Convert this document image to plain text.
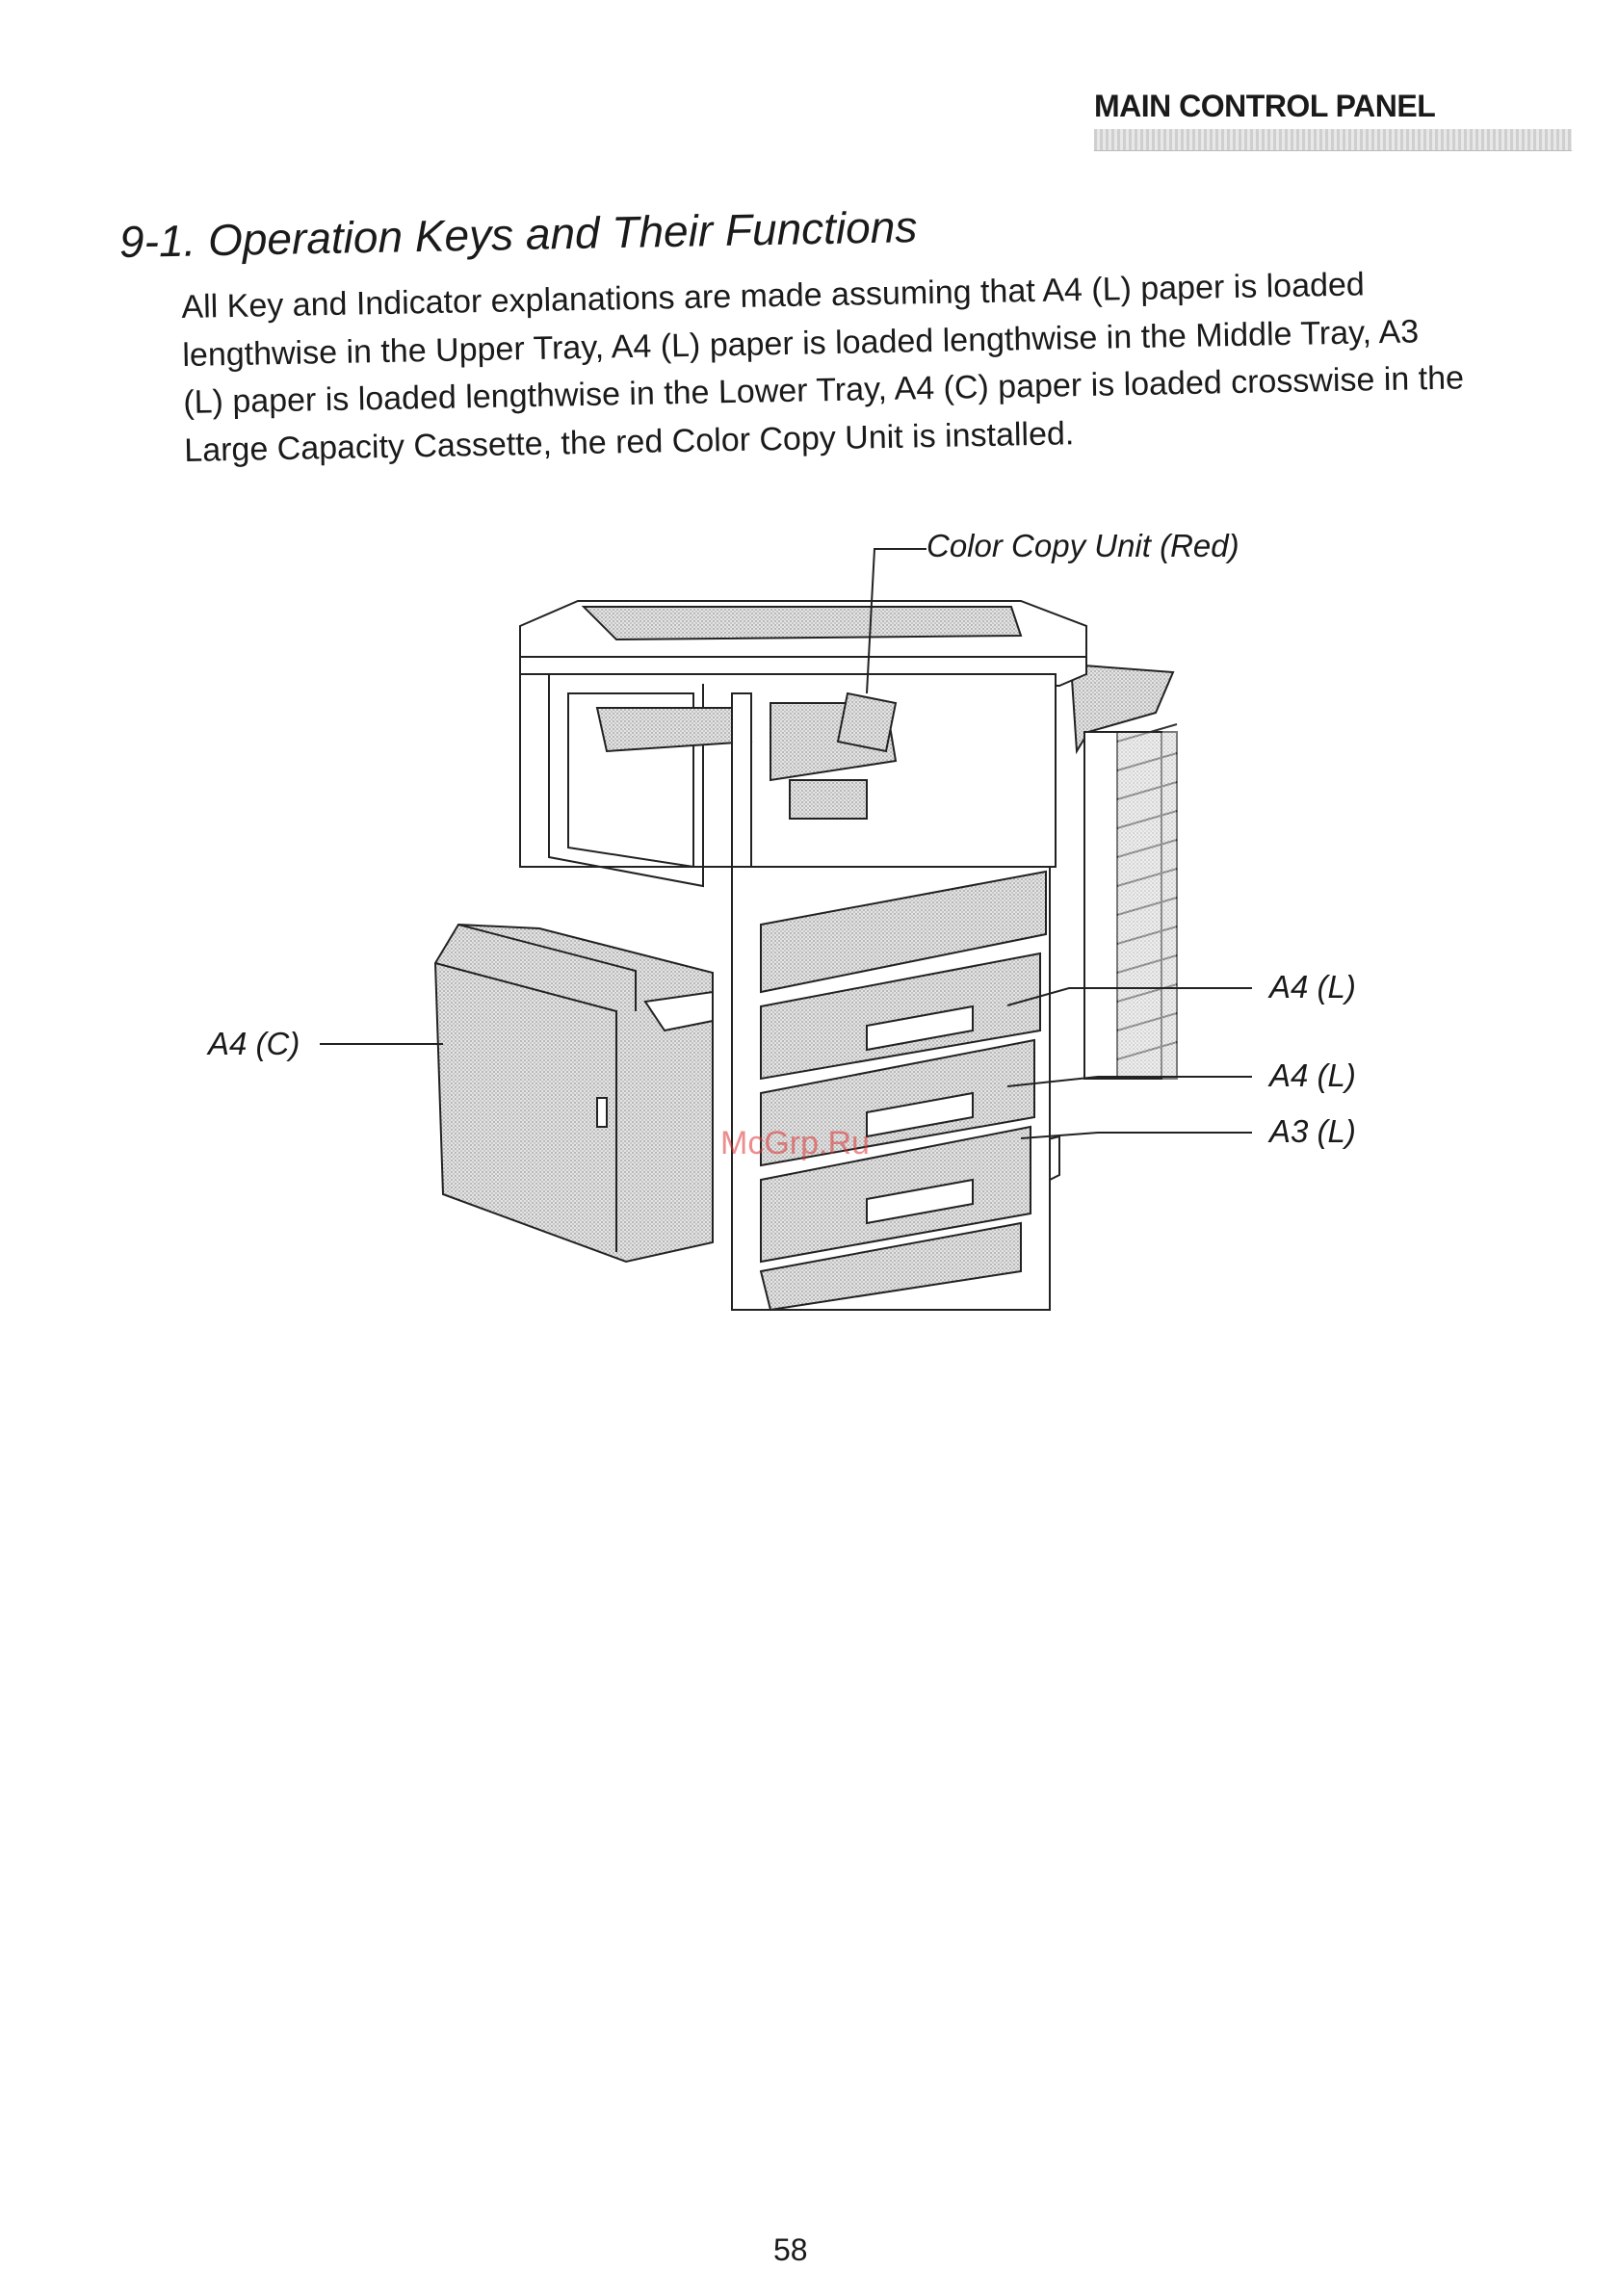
MAIN CONTROL PANEL
9-1. Operation Keys and Their Functions
All Key and Indicator explanations are made assuming that A4 (L) paper is loaded lengthwise in the Upper Tray, A4 (L) paper is loaded lengthwise in the Middle Tray, A3 (L) paper is loaded lengthwise in the Lower Tray, A4 (C) paper is loaded crosswise in the Large Capacity Cassette, the red Color Copy Unit is installed.
Color Copy Unit (Red)
A4 (C)
A4 (L)
A4 (L)
A3 (L)
McGrp.Ru
58
